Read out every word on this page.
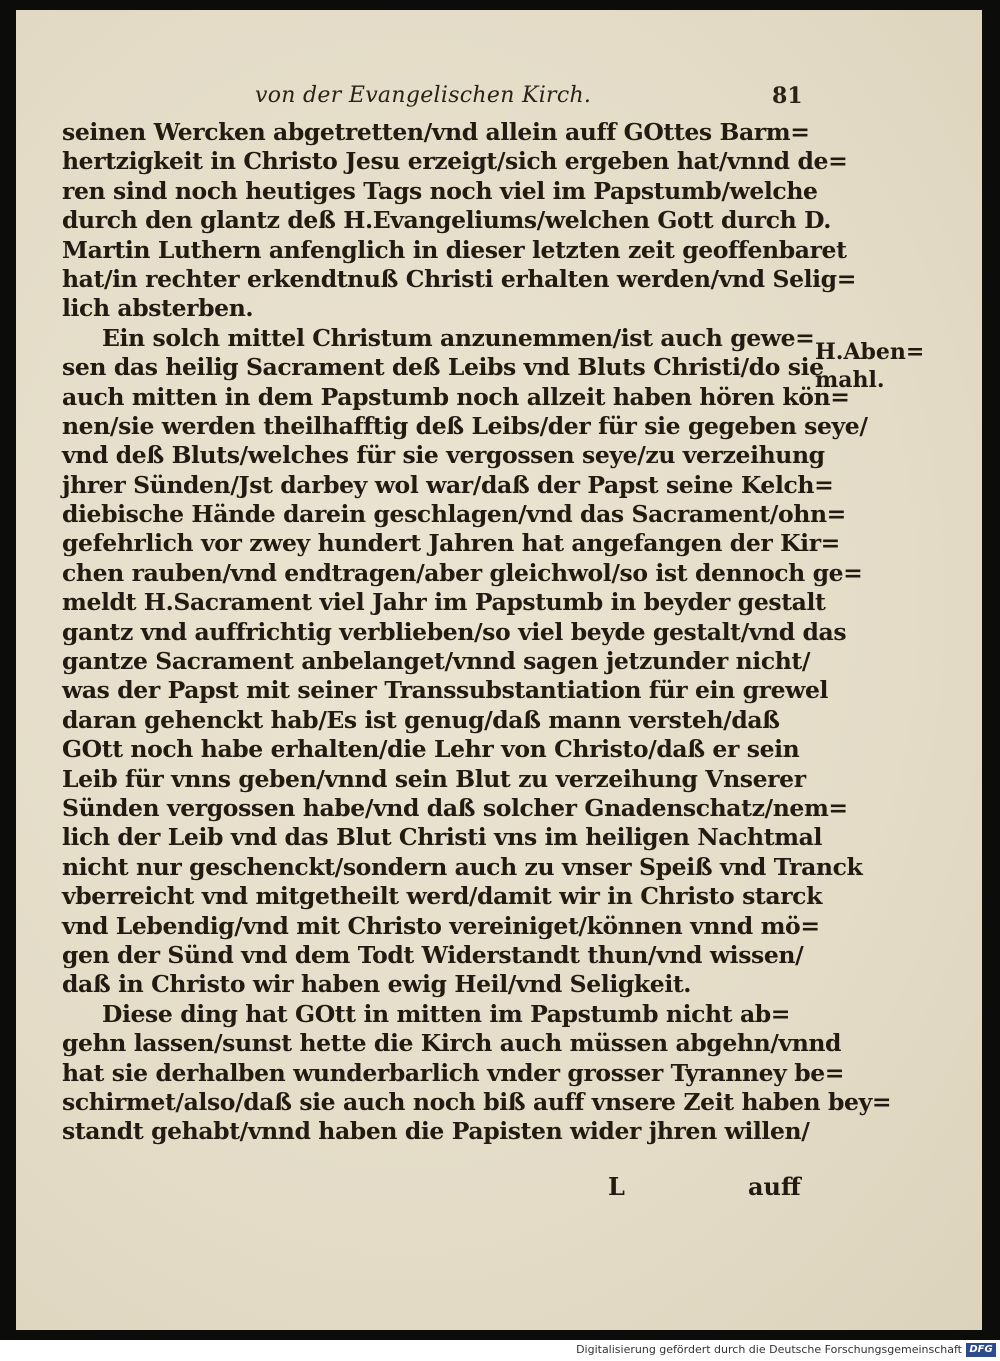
von der Evangelischen Kirch.	81
seinen Wercken abgetretten/vnd allein auff GOttes Barm=
hertzigkeit in Christo Jesu erzeigt/sich ergeben hat/vnnd de=
ren sind noch heutiges Tags noch viel im Papstumb/welche
durch den glantz deß H.Evangeliums/welchen Gott durch D.
Martin Luthern anfenglich in dieser letzten zeit geoffenbaret
hat/in rechter erkendtnuß Christi erhalten werden/vnd Selig=
lich absterben.
Ein solch mittel Christum anzunemmen/ist auch gewe=
sen das heilig Sacrament deß Leibs vnd Bluts Christi/do sie
auch mitten in dem Papstumb noch allzeit haben hören kön=
nen/sie werden theilhafftig deß Leibs/der für sie gegeben seye/
vnd deß Bluts/welches für sie vergossen seye/zu verzeihung
jhrer Sünden/Jst darbey wol war/daß der Papst seine Kelch=
diebische Hände darein geschlagen/vnd das Sacrament/ohn=
gefehrlich vor zwey hundert Jahren hat angefangen der Kir=
chen rauben/vnd endtragen/aber gleichwol/so ist dennoch ge=
meldt H.Sacrament viel Jahr im Papstumb in beyder gestalt
gantz vnd auffrichtig verblieben/so viel beyde gestalt/vnd das
gantze Sacrament anbelanget/vnnd sagen jetzunder nicht/
was der Papst mit seiner Transsubstantiation für ein grewel
daran gehenckt hab/Es ist genug/daß mann versteh/daß
GOtt noch habe erhalten/die Lehr von Christo/daß er sein
Leib für vnns geben/vnnd sein Blut zu verzeihung Vnserer
Sünden vergossen habe/vnd daß solcher Gnadenschatz/nem=
lich der Leib vnd das Blut Christi vns im heiligen Nachtmal
nicht nur geschenckt/sondern auch zu vnser Speiß vnd Tranck
vberreicht vnd mitgetheilt werd/damit wir in Christo starck
vnd Lebendig/vnd mit Christo vereiniget/können vnnd mö=
gen der Sünd vnd dem Todt Widerstandt thun/vnd wissen/
daß in Christo wir haben ewig Heil/vnd Seligkeit.
Diese ding hat GOtt in mitten im Papstumb nicht ab=
gehn lassen/sunst hette die Kirch auch müssen abgehn/vnnd
hat sie derhalben wunderbarlich vnder grosser Tyranney be=
schirmet/also/daß sie auch noch biß auff vnsere Zeit haben bey=
standt gehabt/vnnd haben die Papisten wider jhren willen/
H.Aben=
mahl.
L	auff
Digitalisierung gefördert durch die Deutsche Forschungsgemeinschaft DFG
